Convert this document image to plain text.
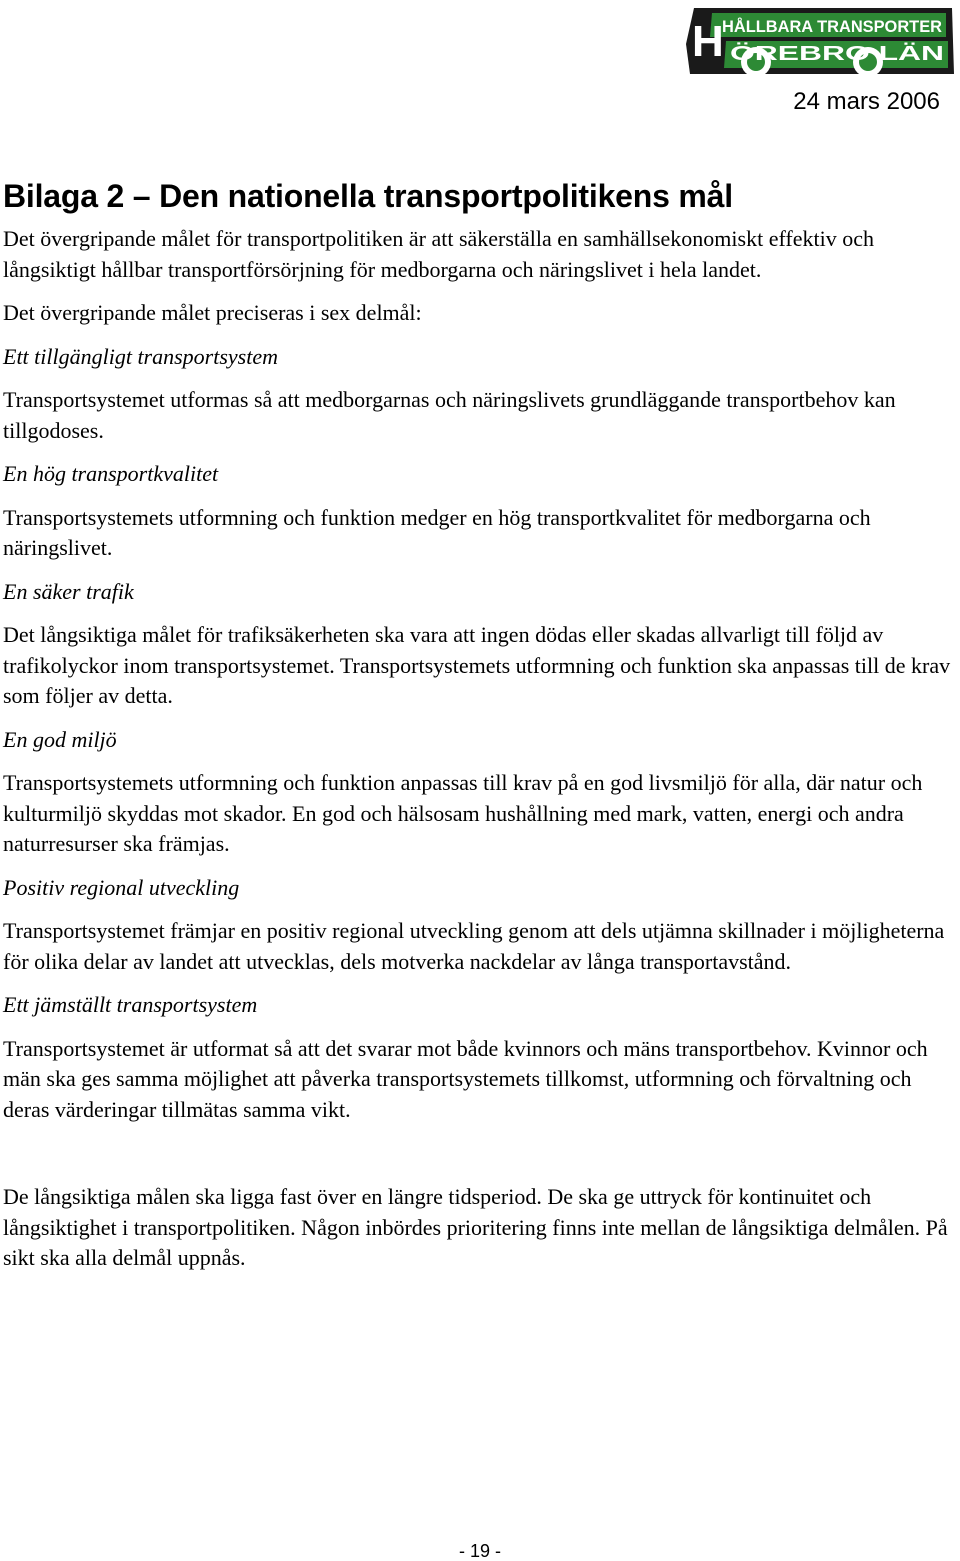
H
HÅLLBARA TRANSPORTER
ÖREBRO LÄN
24 mars 2006
Bilaga 2 – Den nationella transportpolitikens mål

Det övergripande målet för transportpolitiken är att säkerställa en samhällsekonomiskt effektiv och långsiktigt hållbar transportförsörjning för medborgarna och näringslivet i hela landet.

Det övergripande målet preciseras i sex delmål:

Ett tillgängligt transportsystem

Transportsystemet utformas så att medborgarnas och näringslivets grundläggande transportbehov kan tillgodoses.

En hög transportkvalitet

Transportsystemets utformning och funktion medger en hög transportkvalitet för medborgarna och näringslivet.

En säker trafik

Det långsiktiga målet för trafiksäkerheten ska vara att ingen dödas eller skadas allvarligt till följd av trafikolyckor inom transportsystemet. Transportsystemets utformning och funktion ska anpassas till de krav som följer av detta.

En god miljö

Transportsystemets utformning och funktion anpassas till krav på en god livsmiljö för alla, där natur och kulturmiljö skyddas mot skador. En god och hälsosam hushållning med mark, vatten, energi och andra naturresurser ska främjas.

Positiv regional utveckling

Transportsystemet främjar en positiv regional utveckling genom att dels utjämna skillnader i möjligheterna för olika delar av landet att utvecklas, dels motverka nackdelar av långa transportavstånd.

Ett jämställt transportsystem

Transportsystemet är utformat så att det svarar mot både kvinnors och mäns transportbehov. Kvinnor och män ska ges samma möjlighet att påverka transportsystemets tillkomst, utformning och förvaltning och deras värderingar tillmätas samma vikt.

De långsiktiga målen ska ligga fast över en längre tidsperiod. De ska ge uttryck för kontinuitet och långsiktighet i transportpolitiken. Någon inbördes prioritering finns inte mellan de långsiktiga delmålen. På sikt ska alla delmål uppnås.

- 19 -
